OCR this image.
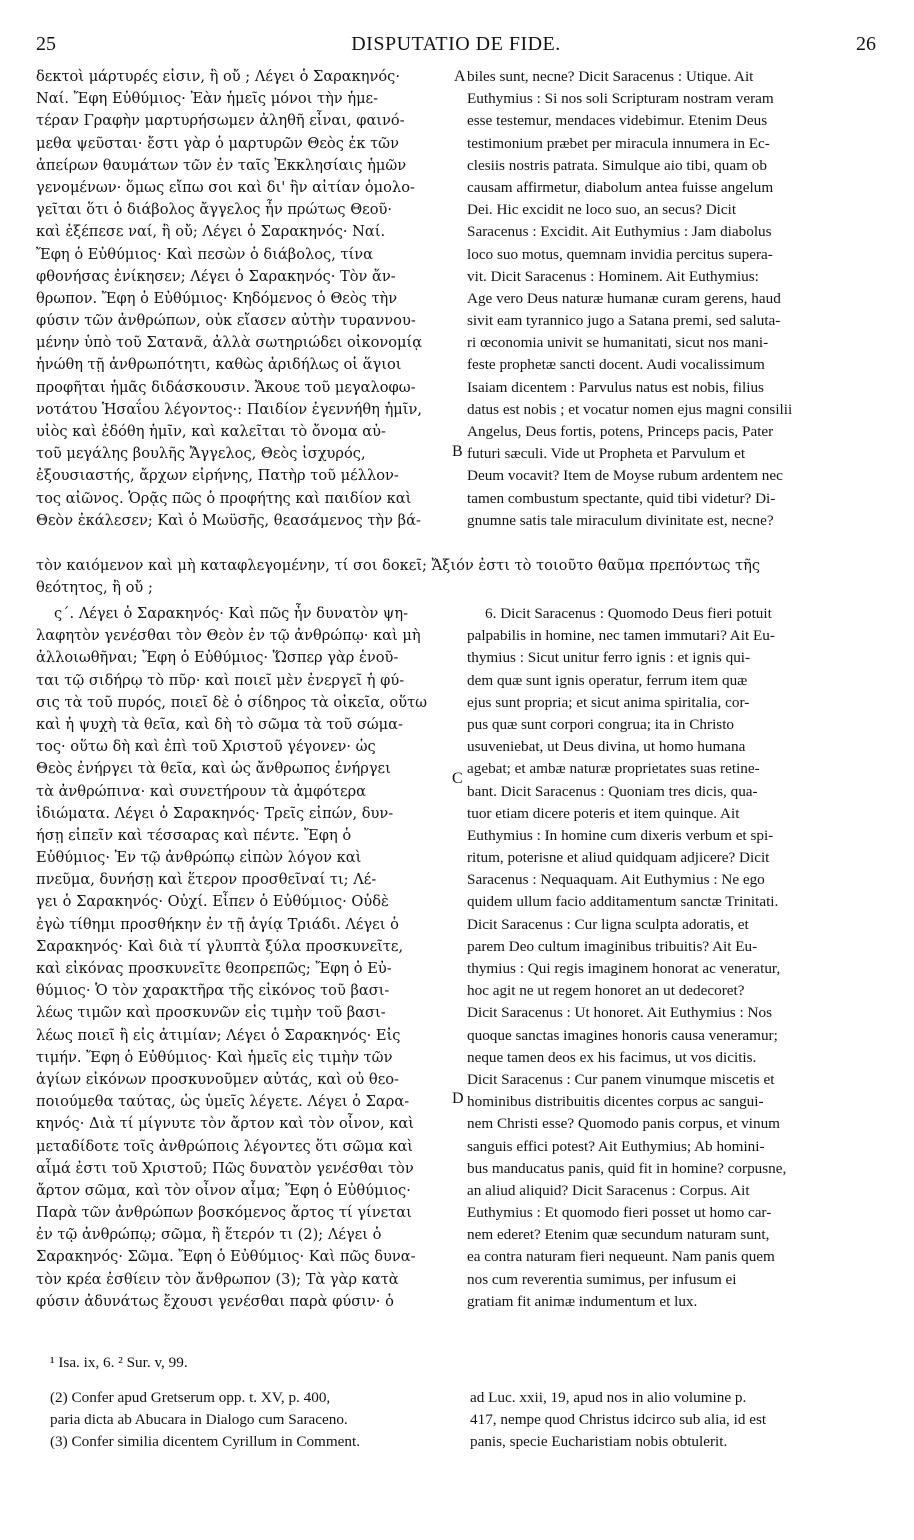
25	DISPUTATIO DE FIDE.	26
A
B
C
D

δεκτοὶ μάρτυρές εἰσιν, ἢ οὔ ; Λέγει ὁ Σαρακηνός·

Ναί. Ἔφη Εὐθύμιος· Ἐὰν ἡμεῖς μόνοι τὴν ἡμε-

τέραν Γραφὴν μαρτυρήσωμεν ἀληθῆ εἶναι, φαινό-

μεθα ψεῦσται· ἔστι γὰρ ὁ μαρτυρῶν Θεὸς ἐκ τῶν

ἀπείρων θαυμάτων τῶν ἐν ταῖς Ἐκκλησίαις ἡμῶν

γενομένων· ὅμως εἴπω σοι καὶ δι' ἣν αἰτίαν ὁμολο-

γεῖται ὅτι ὁ διάβολος ἄγγελος ἦν πρώτως Θεοῦ·

καὶ ἐξέπεσε ναί, ἢ οὔ; Λέγει ὁ Σαρακηνός· Ναί.

Ἔφη ὁ Εὐθύμιος· Καὶ πεσὼν ὁ διάβολος, τίνα

φθονήσας ἐνίκησεν; Λέγει ὁ Σαρακηνός· Τὸν ἄν-

θρωπον. Ἔφη ὁ Εὐθύμιος· Κηδόμενος ὁ Θεὸς τὴν

φύσιν τῶν ἀνθρώπων, οὐκ εἴασεν αὐτὴν τυραννου-

μένην ὑπὸ τοῦ Σατανᾶ, ἀλλὰ σωτηριώδει οἰκονομίᾳ

ἡνώθη τῇ ἀνθρωπότητι, καθὼς ἀριδήλως οἱ ἅγιοι

προφῆται ἡμᾶς διδάσκουσιν. Ἄκουε τοῦ μεγαλοφω-

νοτάτου Ἡσαΐου λέγοντος·: Παιδίον ἐγεννήθη ἡμῖν,

υἱὸς καὶ ἐδόθη ἡμῖν, καὶ καλεῖται τὸ ὄνομα αὐ-

τοῦ μεγάλης βουλῆς Ἄγγελος, Θεὸς ἰσχυρός,

ἐξουσιαστής, ἄρχων εἰρήνης, Πατὴρ τοῦ μέλλον-

τος αἰῶνος. Ὁρᾷς πῶς ὁ προφήτης καὶ παιδίον καὶ

Θεὸν ἐκάλεσεν; Καὶ ὁ Μωϋσῆς, θεασάμενος τὴν βά-

biles sunt, necne? Dicit Saracenus : Utique. Ait

Euthymius : Si nos soli Scripturam nostram veram

esse testemur, mendaces videbimur. Etenim Deus

testimonium præbet per miracula innumera in Ec-

clesiis nostris patrata. Simulque aio tibi, quam ob

causam affirmetur, diabolum antea fuisse angelum

Dei. Hic excidit ne loco suo, an secus? Dicit

Saracenus : Excidit. Ait Euthymius : Jam diabolus

loco suo motus, quemnam invidia percitus supera-

vit. Dicit Saracenus : Hominem. Ait Euthymius:

Age vero Deus naturæ humanæ curam gerens, haud

sivit eam tyrannico jugo a Satana premi, sed saluta-

ri œconomia univit se humanitati, sicut nos mani-

feste prophetæ sancti docent. Audi vocalissimum

Isaiam dicentem : Parvulus natus est nobis, filius

datus est nobis ; et vocatur nomen ejus magni consilii

Angelus, Deus fortis, potens, Princeps pacis, Pater

futuri sæculi. Vide ut Propheta et Parvulum et

Deum vocavit? Item de Moyse rubum ardentem nec

tamen combustum spectante, quid tibi videtur? Di-

gnumne satis tale miraculum divinitate est, necne?

τὸν καιόμενον καὶ μὴ καταφλεγομένην, τί σοι δοκεῖ; Ἄξιόν ἐστι τὸ τοιοῦτο θαῦμα πρεπόντως τῆς
θεότητος, ἢ οὔ ;

ς΄. Λέγει ὁ Σαρακηνός· Καὶ πῶς ἦν δυνατὸν ψη-

λαφητὸν γενέσθαι τὸν Θεὸν ἐν τῷ ἀνθρώπῳ· καὶ μὴ

ἀλλοιωθῆναι; Ἔφη ὁ Εὐθύμιος· Ὥσπερ γὰρ ἑνοῦ-

ται τῷ σιδήρῳ τὸ πῦρ· καὶ ποιεῖ μὲν ἐνεργεῖ ἡ φύ-

σις τὰ τοῦ πυρός, ποιεῖ δὲ ὁ σίδηρος τὰ οἰκεῖα, οὕτω

καὶ ἡ ψυχὴ τὰ θεῖα, καὶ δὴ τὸ σῶμα τὰ τοῦ σώμα-

τος· οὕτω δὴ καὶ ἐπὶ τοῦ Χριστοῦ γέγονεν· ὡς

Θεὸς ἐνήργει τὰ θεῖα, καὶ ὡς ἄνθρωπος ἐνήργει

τὰ ἀνθρώπινα· καὶ συνετήρουν τὰ ἀμφότερα

ἰδιώματα. Λέγει ὁ Σαρακηνός· Τρεῖς εἰπών, δυν-

ήσῃ εἰπεῖν καὶ τέσσαρας καὶ πέντε. Ἔφη ὁ

Εὐθύμιος· Ἐν τῷ ἀνθρώπῳ εἰπὼν λόγον καὶ

πνεῦμα, δυνήσῃ καὶ ἕτερον προσθεῖναί τι; Λέ-

γει ὁ Σαρακηνός· Οὐχί. Εἶπεν ὁ Εὐθύμιος· Οὐδὲ

ἐγὼ τίθημι προσθήκην ἐν τῇ ἁγίᾳ Τριάδι. Λέγει ὁ

Σαρακηνός· Καὶ διὰ τί γλυπτὰ ξύλα προσκυνεῖτε,

καὶ εἰκόνας προσκυνεῖτε θεοπρεπῶς; Ἔφη ὁ Εὐ-

θύμιος· Ὁ τὸν χαρακτῆρα τῆς εἰκόνος τοῦ βασι-

λέως τιμῶν καὶ προσκυνῶν εἰς τιμὴν τοῦ βασι-

λέως ποιεῖ ἢ εἰς ἀτιμίαν; Λέγει ὁ Σαρακηνός· Εἰς

τιμήν. Ἔφη ὁ Εὐθύμιος· Καὶ ἡμεῖς εἰς τιμὴν τῶν

ἁγίων εἰκόνων προσκυνοῦμεν αὐτάς, καὶ οὐ θεο-

ποιούμεθα ταύτας, ὡς ὑμεῖς λέγετε. Λέγει ὁ Σαρα-

κηνός· Διὰ τί μίγνυτε τὸν ἄρτον καὶ τὸν οἶνον, καὶ

μεταδίδοτε τοῖς ἀνθρώποις λέγοντες ὅτι σῶμα καὶ

αἷμά ἐστι τοῦ Χριστοῦ; Πῶς δυνατὸν γενέσθαι τὸν

ἄρτον σῶμα, καὶ τὸν οἶνον αἷμα; Ἔφη ὁ Εὐθύμιος·

Παρὰ τῶν ἀνθρώπων βοσκόμενος ἄρτος τί γίνεται

ἐν τῷ ἀνθρώπῳ; σῶμα, ἢ ἕτερόν τι (2); Λέγει ὁ

Σαρακηνός· Σῶμα. Ἔφη ὁ Εὐθύμιος· Καὶ πῶς δυνα-

τὸν κρέα ἐσθίειν τὸν ἄνθρωπον (3); Τὰ γὰρ κατὰ

φύσιν ἀδυνάτως ἔχουσι γενέσθαι παρὰ φύσιν· ὁ

6. Dicit Saracenus : Quomodo Deus fieri potuit

palpabilis in homine, nec tamen immutari? Ait Eu-

thymius : Sicut unitur ferro ignis : et ignis qui-

dem quæ sunt ignis operatur, ferrum item quæ

ejus sunt propria; et sicut anima spiritalia, cor-

pus quæ sunt corpori congrua; ita in Christo

usuveniebat, ut Deus divina, ut homo humana

agebat; et ambæ naturæ proprietates suas retine-

bant. Dicit Saracenus : Quoniam tres dicis, qua-

tuor etiam dicere poteris et item quinque. Ait

Euthymius : In homine cum dixeris verbum et spi-

ritum, poterisne et aliud quidquam adjicere? Dicit

Saracenus : Nequaquam. Ait Euthymius : Ne ego

quidem ullum facio additamentum sanctæ Trinitati.

Dicit Saracenus : Cur ligna sculpta adoratis, et

parem Deo cultum imaginibus tribuitis? Ait Eu-

thymius : Qui regis imaginem honorat ac veneratur,

hoc agit ne ut regem honoret an ut dedecoret?

Dicit Saracenus : Ut honoret. Ait Euthymius : Nos

quoque sanctas imagines honoris causa veneramur;

neque tamen deos ex his facimus, ut vos dicitis.

Dicit Saracenus : Cur panem vinumque miscetis et

hominibus distribuitis dicentes corpus ac sangui-

nem Christi esse? Quomodo panis corpus, et vinum

sanguis effici potest? Ait Euthymius; Ab homini-

bus manducatus panis, quid fit in homine? corpusne,

an aliud aliquid? Dicit Saracenus : Corpus. Ait

Euthymius : Et quomodo fieri posset ut homo car-

nem ederet? Etenim quæ secundum naturam sunt,

ea contra naturam fieri nequeunt. Nam panis quem

nos cum reverentia sumimus, per infusum ei

gratiam fit animæ indumentum et lux.

¹ Isa. ix, 6. ² Sur. v, 99.

(2) Confer apud Gretserum opp. t. XV, p. 400,

paria dicta ab Abucara in Dialogo cum Saraceno.

(3) Confer similia dicentem Cyrillum in Comment.

ad Luc. xxii, 19, apud nos in alio volumine p.

417, nempe quod Christus idcirco sub alia, id est

panis, specie Eucharistiam nobis obtulerit.
